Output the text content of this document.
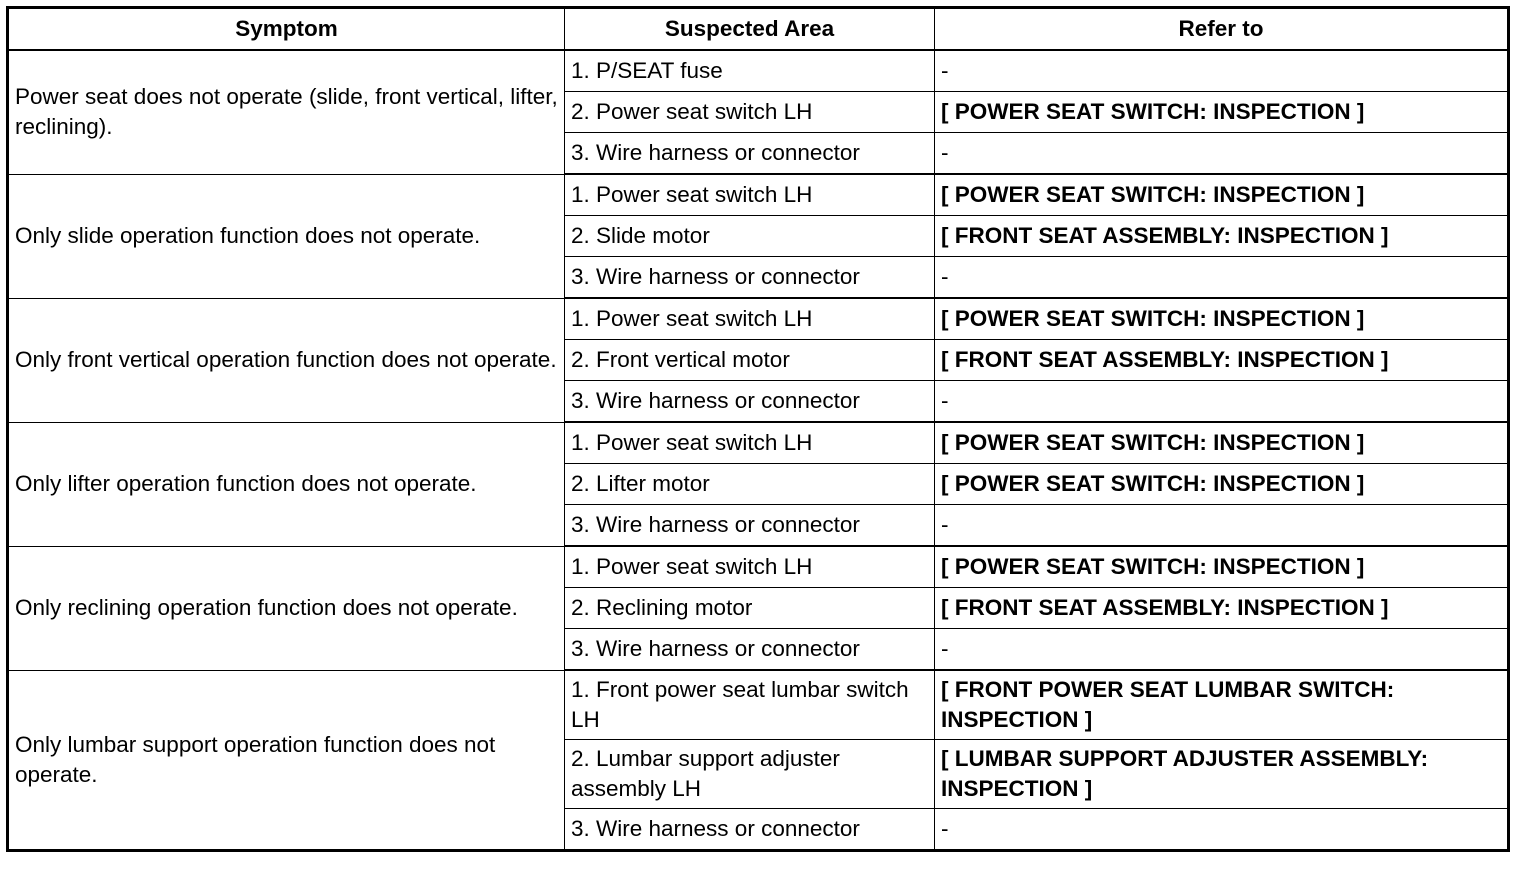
Symptom	Suspected Area	Refer to
Power seat does not operate (slide, front vertical, lifter, reclining).	1. P/SEAT fuse	-
	2. Power seat switch LH	[ POWER SEAT SWITCH: INSPECTION ]
	3. Wire harness or connector	-
Only slide operation function does not operate.	1. Power seat switch LH	[ POWER SEAT SWITCH: INSPECTION ]
	2. Slide motor	[ FRONT SEAT ASSEMBLY: INSPECTION ]
	3. Wire harness or connector	-
Only front vertical operation function does not operate.	1. Power seat switch LH	[ POWER SEAT SWITCH: INSPECTION ]
	2. Front vertical motor	[ FRONT SEAT ASSEMBLY: INSPECTION ]
	3. Wire harness or connector	-
Only lifter operation function does not operate.	1. Power seat switch LH	[ POWER SEAT SWITCH: INSPECTION ]
	2. Lifter motor	[ POWER SEAT SWITCH: INSPECTION ]
	3. Wire harness or connector	-
Only reclining operation function does not operate.	1. Power seat switch LH	[ POWER SEAT SWITCH: INSPECTION ]
	2. Reclining motor	[ FRONT SEAT ASSEMBLY: INSPECTION ]
	3. Wire harness or connector	-
Only lumbar support operation function does not operate.	1. Front power seat lumbar switch LH	[ FRONT POWER SEAT LUMBAR SWITCH: INSPECTION ]
	2. Lumbar support adjuster assembly LH	[ LUMBAR SUPPORT ADJUSTER ASSEMBLY: INSPECTION ]
	3. Wire harness or connector	-
